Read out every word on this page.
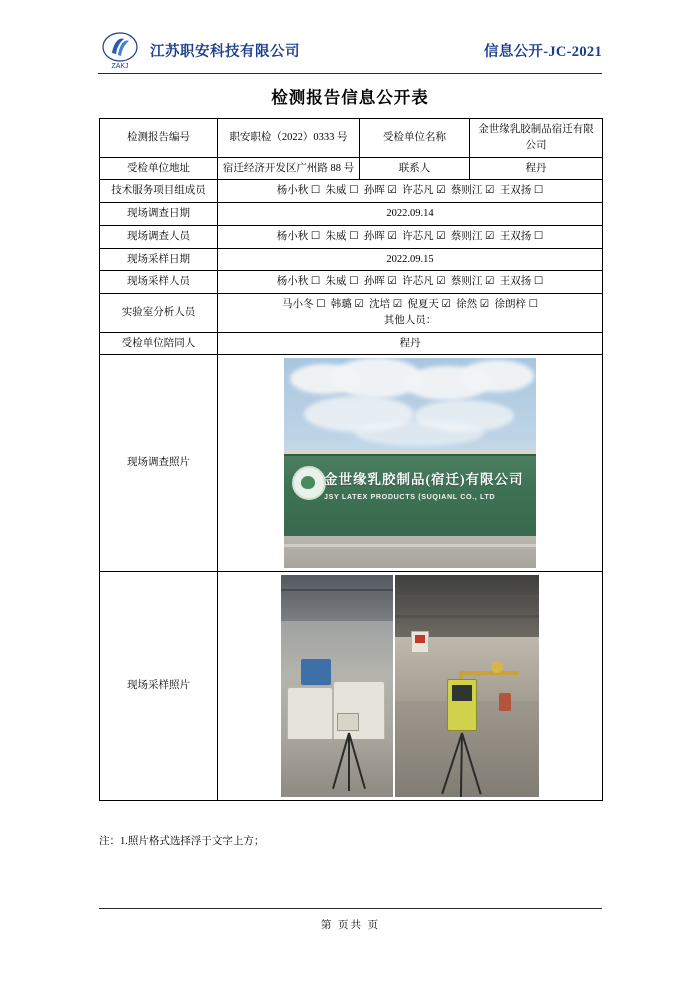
ZAKJ
江苏职安科技有限公司	信息公开-JC-2021
检测报告信息公开表
检测报告编号	职安职检（2022）0333 号	受检单位名称	金世缘乳胶制品宿迁有限公司
受检单位地址	宿迁经济开发区广州路 88 号	联系人	程丹
技术服务项目组成员	杨小秋 ☐  朱威 ☐  孙晖 ☑  许芯凡 ☑  蔡则江 ☑  王双扬 ☐		
现场调查日期	2022.09.14		
现场调查人员	杨小秋 ☐  朱威 ☐  孙晖 ☑  许芯凡 ☑  蔡则江 ☑  王双扬 ☐		
现场采样日期	2022.09.15		
现场采样人员	杨小秋 ☐  朱威 ☐  孙晖 ☑  许芯凡 ☑  蔡则江 ☑  王双扬 ☐		
实验室分析人员	马小冬 ☐  韩璐 ☑  沈培 ☑  倪夏天 ☑  徐然 ☑  徐朗梓 ☐
其他人员：		

受检单位陪同人	程丹		
现场调查照片	金世缘乳胶制品(宿迁)有限公司
JSY LATEX PRODUCTS (SUQIANL CO., LTD		

现场采样照片			
注：1.照片格式选择浮于文字上方；
第 页共 页
